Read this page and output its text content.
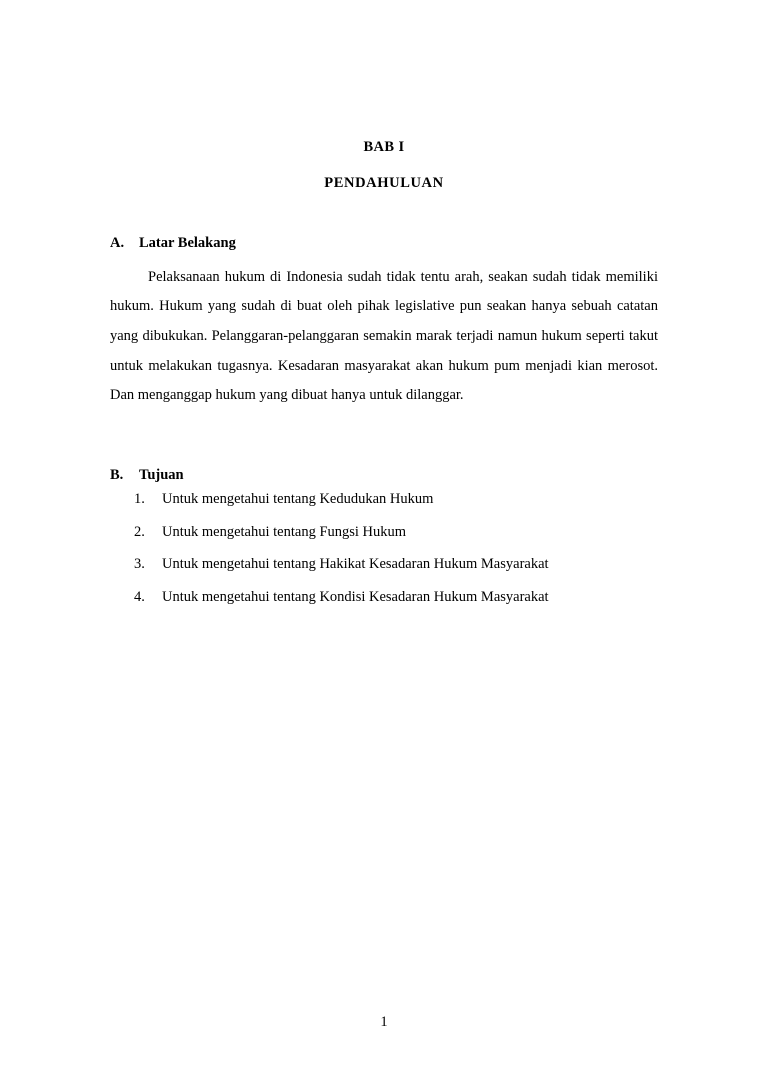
BAB I
PENDAHULUAN
A.	Latar Belakang

Pelaksanaan hukum di Indonesia sudah tidak tentu arah, seakan sudah tidak memiliki hukum. Hukum yang sudah di buat oleh pihak legislative pun seakan hanya sebuah catatan yang dibukukan. Pelanggaran-pelanggaran semakin marak terjadi namun hukum seperti takut untuk melakukan tugasnya. Kesadaran masyarakat akan hukum pum menjadi kian merosot. Dan menganggap hukum yang dibuat hanya untuk dilanggar.

B.	Tujuan
1.	Untuk mengetahui tentang Kedudukan Hukum
2.	Untuk mengetahui tentang Fungsi Hukum
3.	Untuk mengetahui tentang Hakikat Kesadaran Hukum Masyarakat
4.	Untuk mengetahui tentang Kondisi Kesadaran Hukum Masyarakat
1
